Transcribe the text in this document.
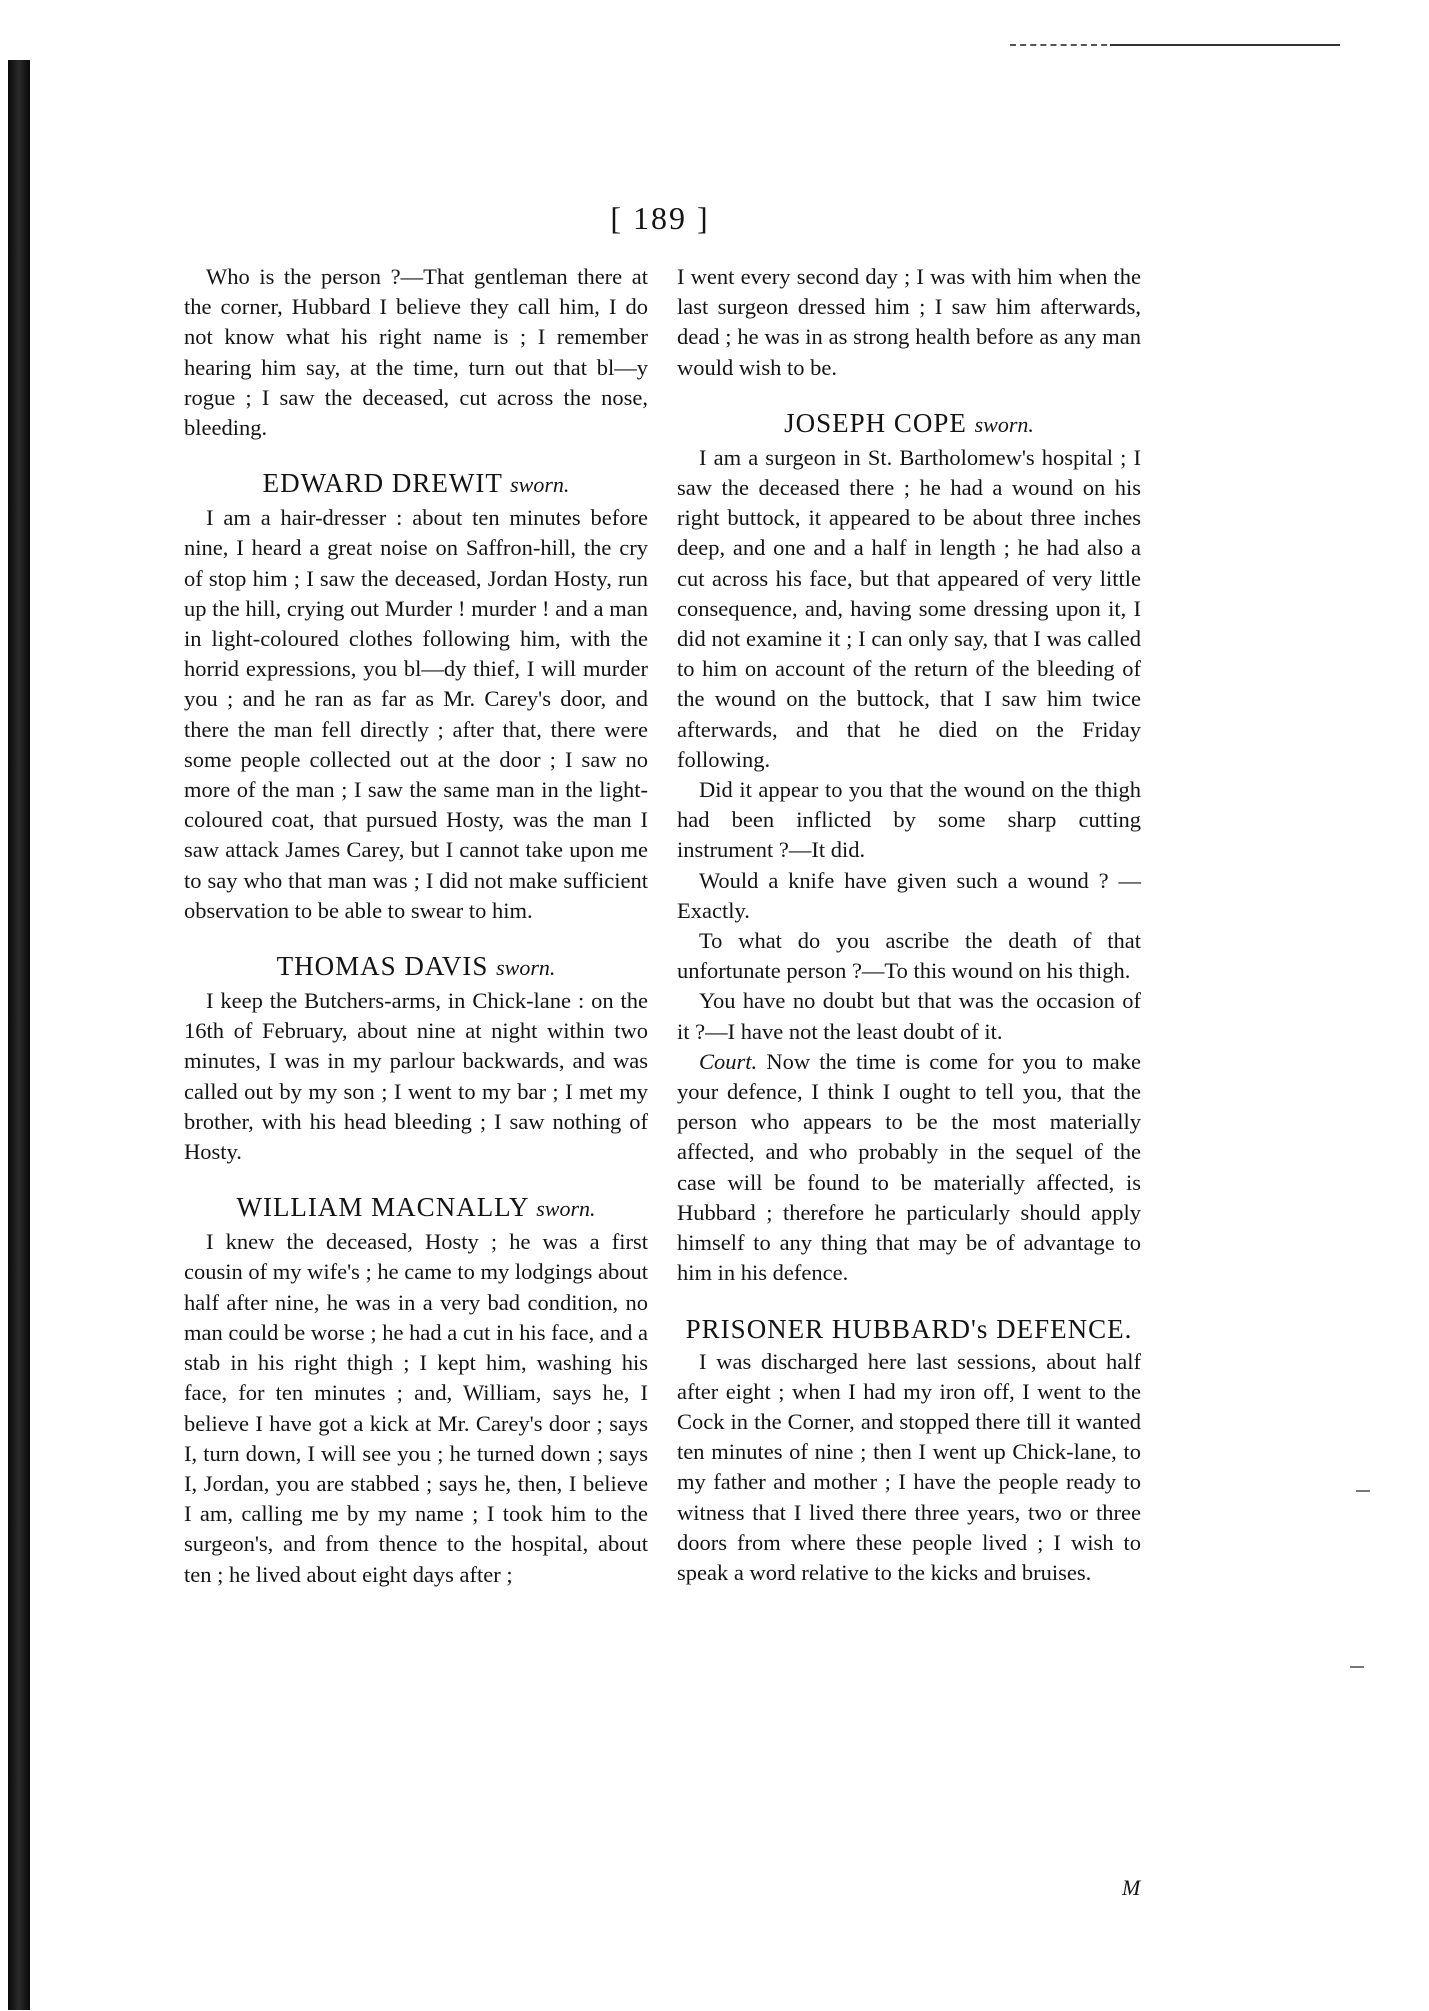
[ 189 ]

Who is the person ?—That gentleman there at the corner, Hubbard I believe they call him, I do not know what his right name is ; I remember hearing him say, at the time, turn out that bl—y rogue ; I saw the deceased, cut across the nose, bleeding.

EDWARD DREWIT sworn.

I am a hair-dresser : about ten minutes before nine, I heard a great noise on Saffron-hill, the cry of stop him ; I saw the deceased, Jordan Hosty, run up the hill, crying out Murder ! murder ! and a man in light-coloured clothes following him, with the horrid expressions, you bl—dy thief, I will murder you ; and he ran as far as Mr. Carey's door, and there the man fell directly ; after that, there were some people collected out at the door ; I saw no more of the man ; I saw the same man in the light-coloured coat, that pursued Hosty, was the man I saw attack James Carey, but I cannot take upon me to say who that man was ; I did not make sufficient observation to be able to swear to him.

THOMAS DAVIS sworn.

I keep the Butchers-arms, in Chick-lane : on the 16th of February, about nine at night within two minutes, I was in my parlour backwards, and was called out by my son ; I went to my bar ; I met my brother, with his head bleeding ; I saw nothing of Hosty.

WILLIAM MACNALLY sworn.

I knew the deceased, Hosty ; he was a first cousin of my wife's ; he came to my lodgings about half after nine, he was in a very bad condition, no man could be worse ; he had a cut in his face, and a stab in his right thigh ; I kept him, washing his face, for ten minutes ; and, William, says he, I believe I have got a kick at Mr. Carey's door ; says I, turn down, I will see you ; he turned down ; says I, Jordan, you are stabbed ; says he, then, I believe I am, calling me by my name ; I took him to the surgeon's, and from thence to the hospital, about ten ; he lived about eight days after ;

I went every second day ; I was with him when the last surgeon dressed him ; I saw him afterwards, dead ; he was in as strong health before as any man would wish to be.

JOSEPH COPE sworn.

I am a surgeon in St. Bartholomew's hospital ; I saw the deceased there ; he had a wound on his right buttock, it appeared to be about three inches deep, and one and a half in length ; he had also a cut across his face, but that appeared of very little consequence, and, having some dressing upon it, I did not examine it ; I can only say, that I was called to him on account of the return of the bleeding of the wound on the buttock, that I saw him twice afterwards, and that he died on the Friday following.

Did it appear to you that the wound on the thigh had been inflicted by some sharp cutting instrument ?—It did.

Would a knife have given such a wound ? —Exactly.

To what do you ascribe the death of that unfortunate person ?—To this wound on his thigh.

You have no doubt but that was the occasion of it ?—I have not the least doubt of it.

Court. Now the time is come for you to make your defence, I think I ought to tell you, that the person who appears to be the most materially affected, and who probably in the sequel of the case will be found to be materially affected, is Hubbard ; therefore he particularly should apply himself to any thing that may be of advantage to him in his defence.

PRISONER HUBBARD's DEFENCE.

I was discharged here last sessions, about half after eight ; when I had my iron off, I went to the Cock in the Corner, and stopped there till it wanted ten minutes of nine ; then I went up Chick-lane, to my father and mother ; I have the people ready to witness that I lived there three years, two or three doors from where these people lived ; I wish to speak a word relative to the kicks and bruises.

M
